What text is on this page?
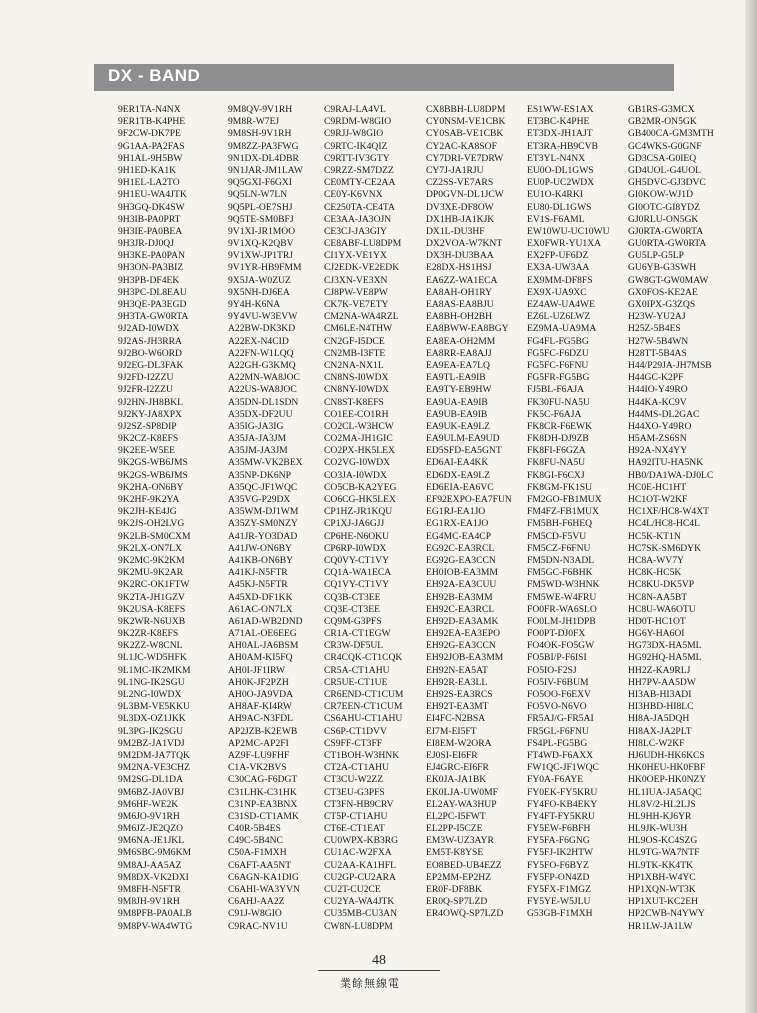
DX - BAND
9ER1TA-N4NX
9ER1TB-K4PHE
9F2CW-DK7PE
9G1AA-PA2FAS
9H1AL-9H5BW
9H1ED-KA1K
9H1EL-LA2TO
9H1EU-WA4JTK
9H3GQ-DK4SW
9H3IB-PA0PRT
9H3IE-PA0BEA
9H3JR-DJ0QJ
9H3KE-PA0PAN
9H3ON-PA3BIZ
9H3PB-DF4EK
9H3PC-DL8EAU
9H3QE-PA3EGD
9H3TA-GW0RTA
9J2AD-I0WDX
9J2AS-JH3RRA
9J2BO-W6ORD
9J2EG-DL3FAK
9J2FD-I2ZZU
9J2FR-I2ZZU
9J2HN-JH8BKL
9J2KY-JA8XPX
9J2SZ-SP8DIP
9K2CZ-K8EFS
9K2EE-W5EE
9K2GS-WB6JMS
9K2GS-WB6JMS
9K2HA-ON6BY
9K2HF-9K2YA
9K2JH-KE4JG
9K2JS-OH2LVG
9K2LB-SM0CXM
9K2LX-ON7LX
9K2MC-9K2KM
9K2MU-9K2AR
9K2RC-OK1FTW
9K2TA-JH1GZV
9K2USA-K8EFS
9K2WR-N6UXB
9K2ZR-K8EFS
9K2ZZ-W8CNL
9L1JC-WD5HFK
9L1MC-IK2MKM
9L1NG-IK2SGU
9L2NG-I0WDX
9L3BM-VE5KKU
9L3DX-OZ1JKK
9L3PG-IK2SGU
9M2BZ-JA1VDJ
9M2DM-JA7TQK
9M2NA-VE3CHZ
9M2SG-DL1DA
9M6BZ-JA0VBJ
9M6HF-WE2K
9M6JO-9V1RH
9M6JZ-JE2QZO
9M6NA-JE1JKL
9M6SBC-9M6KM
9M8AJ-AA5AZ
9M8DX-VK2DXI
9M8FH-N5FTR
9M8JH-9V1RH
9M8PFB-PA0ALB
9M8PV-WA4WTG
9M8QV-9V1RH
9M8R-W7EJ
9M8SH-9V1RH
9M8ZZ-PA3FWG
9N1DX-DL4DBR
9N1JAR-JM1LAW
9Q5GXI-F6GXI
9Q5LN-W7LN
9Q5PL-OE7SHJ
9Q5TE-SM0BFJ
9V1XI-JR1MOO
9V1XQ-K2QBV
9V1XW-JP1TRJ
9V1YR-HB9FMM
9X5JA-W0ZUZ
9X5NH-DJ6EA
9Y4H-K6NA
9Y4VU-W3EVW
A22BW-DK3KD
A22EX-N4CID
A22FN-W1LQQ
A22GH-G3KMQ
A22MN-WA8JOC
A22US-WA8JOC
A35DN-DL1SDN
A35DX-DF2UU
A35IG-JA3IG
A35JA-JA3JM
A35JM-JA3JM
A35MW-VK2BEX
A35NP-DK6NP
A35QC-JF1WQC
A35VG-P29DX
A35WM-DJ1WM
A35ZY-SM0NZY
A41JR-YO3DAD
A41JW-ON6BY
A41KB-ON6BY
A41KJ-N5FTR
A45KJ-N5FTR
A45XD-DF1KK
A61AC-ON7LX
A61AD-WB2DND
A71AL-OE6EEG
AH0AL-JA6BSM
AH0AM-KI5FQ
AH0I-JF1IRW
AH0K-JF2PZH
AH0O-JA9VDA
AH8AF-KI4RW
AH9AC-N3FDL
AP2JZB-K2EWB
AP2MC-AP2FI
AZ9F-LU9FHF
C1A-VK2BVS
C30CAG-F6DGT
C31LHK-C31HK
C31NP-EA3BNX
C31SD-CT1AMK
C40R-5B4ES
C49C-5B4NC
C50A-F1MXH
C6AFT-AA5NT
C6AGN-KA1DIG
C6AHI-WA3YVN
C6AHJ-AA2Z
C91J-W8GIO
C9RAC-NV1U
C9RAJ-LA4VL
C9RDM-W8GIO
C9RJJ-W8GIO
C9RTC-IK4QIZ
C9RTT-IV3GTY
C9RZZ-SM7DZZ
CE0MTY-CE2AA
CE0Y-K6VNX
CE250TA-CE4TA
CE3AA-JA3OJN
CE3CJ-JA3GIY
CE8ABF-LU8DPM
CI1YX-VE1YX
CJ2EDK-VE2EDK
CJ3XN-VE3XN
CJ8PW-VE8PW
CK7K-VE7ETY
CM2NA-WA4RZL
CM6LE-N4THW
CN2GF-I5DCE
CN2MB-I3FTE
CN2NA-NX1L
CN8NS-I0WDX
CN8NY-I0WDX
CN8ST-K8EFS
CO1EE-CO1RH
CO2CL-W3HCW
CO2MA-JH1GIC
CO2PX-HK5LEX
CO2VG-I0WDX
CO3JA-I0WDX
CO5CB-KA2YEG
CO6CG-HK5LEX
CP1HZ-JR1KQU
CP1XJ-JA6GJJ
CP6HE-N6OKU
CP6RP-I0WDX
CQ0VY-CT1VY
CQ1A-WA1ECA
CQ1VY-CT1VY
CQ3B-CT3EE
CQ3E-CT3EE
CQ9M-G3PFS
CR1A-CT1EGW
CR3W-DF5UL
CR4CQK-CT1CQK
CR5A-CT1AHU
CR5UE-CT1UE
CR6END-CT1CUM
CR7EEN-CT1CUM
CS6AHU-CT1AHU
CS6P-CT1DVV
CS9FF-CT3FF
CT1BOH-W3HNK
CT2A-CT1AHU
CT3CU-W2ZZ
CT3EU-G3PFS
CT3FN-HB9CRV
CT5P-CT1AHU
CT6E-CT1EAT
CU0WPX-KB3RG
CU1AC-W2FXA
CU2AA-KA1HFL
CU2GP-CU2ARA
CU2T-CU2CE
CU2YA-WA4JTK
CU35MB-CU3AN
CW8N-LU8DPM
CX8BBH-LU8DPM
CY0NSM-VE1CBK
CY0SAB-VE1CBK
CY2AC-KA8SOF
CY7DRI-VE7DRW
CY7J-JA1RJU
CZ2SS-VE7ARS
DP0GVN-DL1JCW
DV3XE-DF8OW
DX1HB-JA1KJK
DX1L-DU3HF
DX2VOA-W7KNT
DX3H-DU3BAA
E28DX-HS1HSJ
EA6ZZ-WA1ECA
EA8AH-OH1RY
EA8AS-EA8BJU
EA8BH-OH2BH
EA8BWW-EA8BGY
EA8EA-OH2MM
EA8RR-EA8AJJ
EA9EA-EA7LQ
EA9TL-EA9IB
EA9TY-EB9HW
EA9UA-EA9IB
EA9UB-EA9IB
EA9UK-EA9LZ
EA9ULM-EA9UD
ED5SFD-EA5GNT
ED6AI-EA4KK
ED6DX-EA9LZ
ED6EIA-EA6VC
EF92EXPO-EA7FUN
EG1RJ-EA1JO
EG1RX-EA1JO
EG4MC-EA4CP
EG92C-EA3RCL
EG92G-EA3CCN
EH0IOB-EA3MM
EH92A-EA3CUU
EH92B-EA3MM
EH92C-EA3RCL
EH92D-EA3AMK
EH92EA-EA3EPO
EH92G-EA3CCN
EH92JOB-EA3MM
EH92N-EA5AT
EH92R-EA3LL
EH92S-EA3RCS
EH92T-EA3MT
EI4FC-N2BSA
EI7M-EI5FT
EI8EM-W2ORA
EJ0SI-EI6FR
EJ4GRC-EI6FR
EK0JA-JA1BK
EK0LJA-UW0MF
EL2AY-WA3HUP
EL2PC-I5FWT
EL2PP-I5CZE
EM3W-UZ3AYR
EM5T-K8YSE
EO8BED-UB4EZZ
EP2MM-EP2HZ
ER0F-DF8BK
ER0Q-SP7LZD
ER4OWQ-SP7LZD
ES1WW-ES1AX
ET3BC-K4PHE
ET3DX-JH1AJT
ET3RA-HB9CVB
ET3YL-N4NX
EU0O-DL1GWS
EU0P-UC2WDX
EU1O-K4RKI
EU80-DL1GWS
EV1S-F6AML
EW10WU-UC10WU
EX0FWR-YU1XA
EX2FP-UF6DZ
EX3A-UW3AA
EX9MM-DF8FS
EX9X-UA9XC
EZ4AW-UA4WE
EZ6L-UZ6LWZ
EZ9MA-UA9MA
FG4FL-FG5BG
FG5FC-F6DZU
FG5FC-F6FNU
FG5FR-FG5BG
FJ5BL-F6AJA
FK30FU-NA5U
FK5C-F6AJA
FK8CR-F6EWK
FK8DH-DJ9ZB
FK8FI-F6GZA
FK8FU-NA5U
FK8GI-F6CXJ
FK8GM-FK1SU
FM2GO-FB1MUX
FM4FZ-FB1MUX
FM5BH-F6HEQ
FM5CD-F5VU
FM5CZ-F6FNU
FM5DN-N3ADL
FM5GC-F6BHK
FM5WD-W3HNK
FM5WE-W4FRU
FO0FR-WA6SLO
FO0LM-JH1DPB
FO0PT-DJ0FX
FO4OK-FO5GW
FO5BI/P-F6ISI
FO5IO-F2SJ
FO5IV-F6BUM
FO5OO-F6EXV
FO5VO-N6VO
FR5AJ/G-FR5AI
FR5GL-F6FNU
FS4PL-FG5BG
FT4WD-F6AXX
FW1QC-JF1WQC
FY0A-F6AYE
FY0EK-FY5KRU
FY4FO-KB4EKY
FY4FT-FY5KRU
FY5EW-F6BFH
FY5FA-F6GNG
FY5FJ-IK2HTW
FY5FO-F6BYZ
FY5FP-ON4ZD
FY5FX-F1MGZ
FY5YE-W5JLU
G53GB-F1MXH
GB1RS-G3MCX
GB2MR-ON5GK
GB400CA-GM3MTH
GC4WKS-G0GNF
GD3CSA-G0IEQ
GD4UOL-G4UOL
GH5DVC-GJ3DVC
GI0KOW-WJ1D
GI0OTC-GI8YDZ
GJ0RLU-ON5GK
GJ0RTA-GW0RTA
GU0RTA-GW0RTA
GU5LP-G5LP
GU6YB-G3SWH
GW8GT-GW0MAW
GX0FOS-KE2AE
GX0IPX-G3ZQS
H23W-YU2AJ
H25Z-5B4ES
H27W-5B4WN
H28TT-5B4AS
H44/P29JA-JH7MSB
H44GC-K2PF
H44IO-Y49RO
H44KA-KC9V
H44MS-DL2GAC
H44XO-Y49RO
H5AM-ZS6SN
H92A-NX4YY
HA92ITU-HA5NK
HB0/DA1WA-DJ0LC
HC0E-HC1HT
HC1OT-W2KF
HC1XF/HC8-W4XT
HC4L/HC8-HC4L
HC5K-KT1N
HC7SK-SM6DYK
HC8A-WV7Y
HC8K-HC5K
HC8KU-DK5VP
HC8N-AA5BT
HC8U-WA6OTU
HD0T-HC1OT
HG6Y-HA6OI
HG73DX-HA5ML
HG92HQ-HA5ML
HH2Z-KA9RLJ
HH7PV-AA5DW
HI3AB-HI3ADI
HI3HBD-HI8LC
HI8A-JA5DQH
HI8AX-JA2PLT
HI8LC-W2KF
HJ6UDH-HK6KCS
HK0HEU-HK0FBF
HK0OEP-HK0NZY
HL1IUA-JA5AQC
HL8V/2-HL2LJS
HL9HH-KJ6YR
HL9JK-WU3H
HL9OS-KC4SZG
HL9TG-WA7NTF
HL9TK-KK4TK
HP1XBH-W4YC
HP1XQN-WT3K
HP1XUT-KC2EH
HP2CWB-N4YWY
HR1LW-JA1LW
48
業餘無線電
